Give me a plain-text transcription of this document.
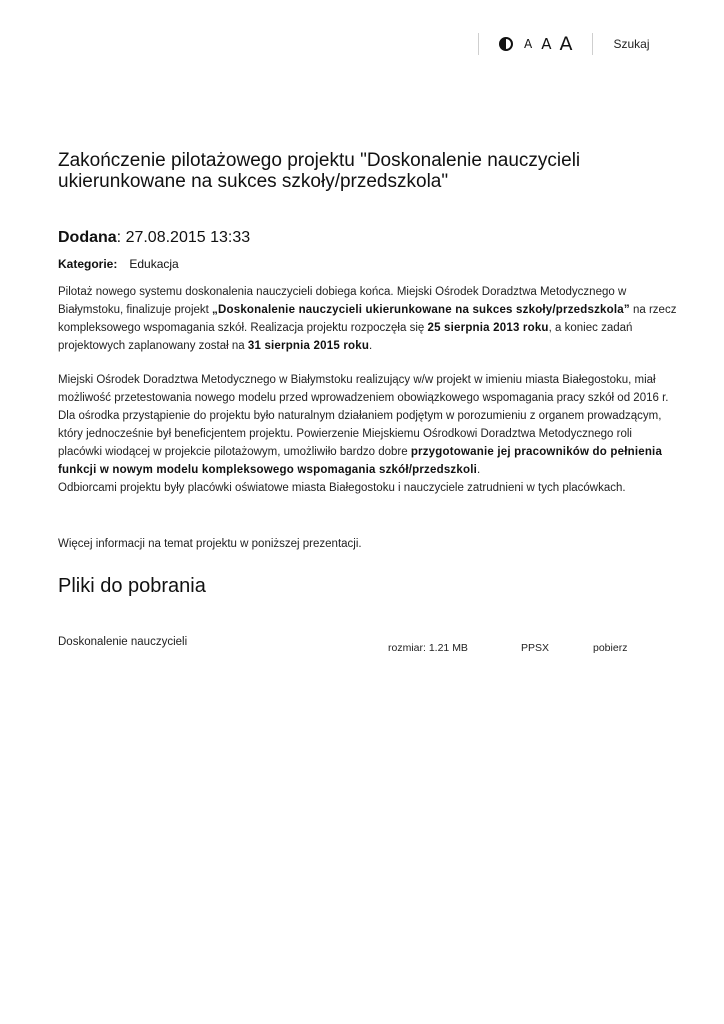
A A A	Szukaj
Zakończenie pilotażowego projektu "Doskonalenie nauczycieli ukierunkowane na sukces szkoły/przedszkola"
Dodana: 27.08.2015 13:33
Kategorie: Edukacja

Pilotaż nowego systemu doskonalenia nauczycieli dobiega końca. Miejski Ośrodek Doradztwa Metodycznego w Białymstoku, finalizuje projekt „Doskonalenie nauczycieli ukierunkowane na sukces szkoły/przedszkola” na rzecz kompleksowego wspomagania szkół. Realizacja projektu rozpoczęła się 25 sierpnia 2013 roku, a koniec zadań projektowych zaplanowany został na 31 sierpnia 2015 roku.

Miejski Ośrodek Doradztwa Metodycznego w Białymstoku realizujący w/w projekt w imieniu miasta Białegostoku, miał możliwość przetestowania nowego modelu przed wprowadzeniem obowiązkowego wspomagania pracy szkół od 2016 r. Dla ośrodka przystąpienie do projektu było naturalnym działaniem podjętym w porozumieniu z organem prowadzącym, który jednocześnie był beneficjentem projektu. Powierzenie Miejskiemu Ośrodkowi Doradztwa Metodycznego roli placówki wiodącej w projekcie pilotażowym, umożliwiło bardzo dobre przygotowanie jej pracowników do pełnienia funkcji w nowym modelu kompleksowego wspomagania szkół/przedszkoli.
Odbiorcami projektu były placówki oświatowe miasta Białegostoku i nauczyciele zatrudnieni w tych placówkach.

Więcej informacji na temat projektu w poniższej prezentacji.

Pliki do pobrania
Doskonalenie nauczycieli	rozmiar: 1.21 MB	PPSX	pobierz
